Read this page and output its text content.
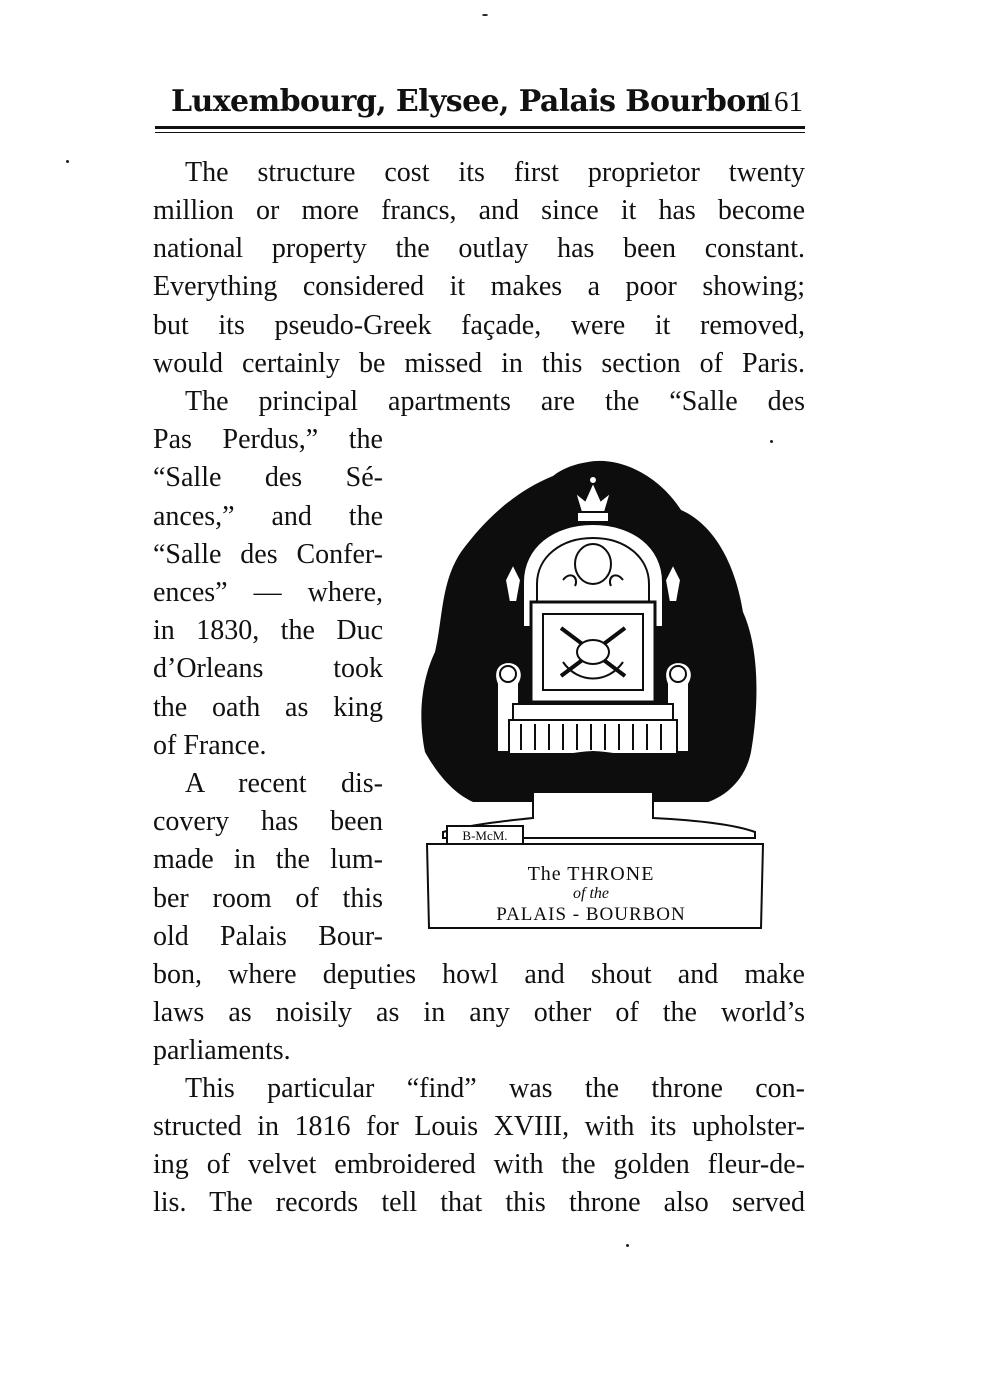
Luxembourg, Elysee, Palais Bourbon
161
The structure cost its first proprietor twenty
million or more francs, and since it has become
national property the outlay has been constant.
Everything considered it makes a poor showing;
but its pseudo-Greek façade, were it removed,
would certainly be missed in this section of Paris.
The principal apartments are the “Salle des
Pas Perdus,” the
“Salle des Sé-
ances,” and the
“Salle des Confer-
ences” — where,
in 1830, the Duc
d’Orleans took
the oath as king
of France.
A recent dis-
covery has been
made in the lum-
ber room of this
old Palais Bour-
bon, where deputies howl and shout and make
laws as noisily as in any other of the world’s
parliaments.
This particular “find” was the throne con-
structed in 1816 for Louis XVIII, with its upholster-
ing of velvet embroidered with the golden fleur-de-
lis. The records tell that this throne also served
B-McM.
The THRONE
of the
PALAIS - BOURBON
